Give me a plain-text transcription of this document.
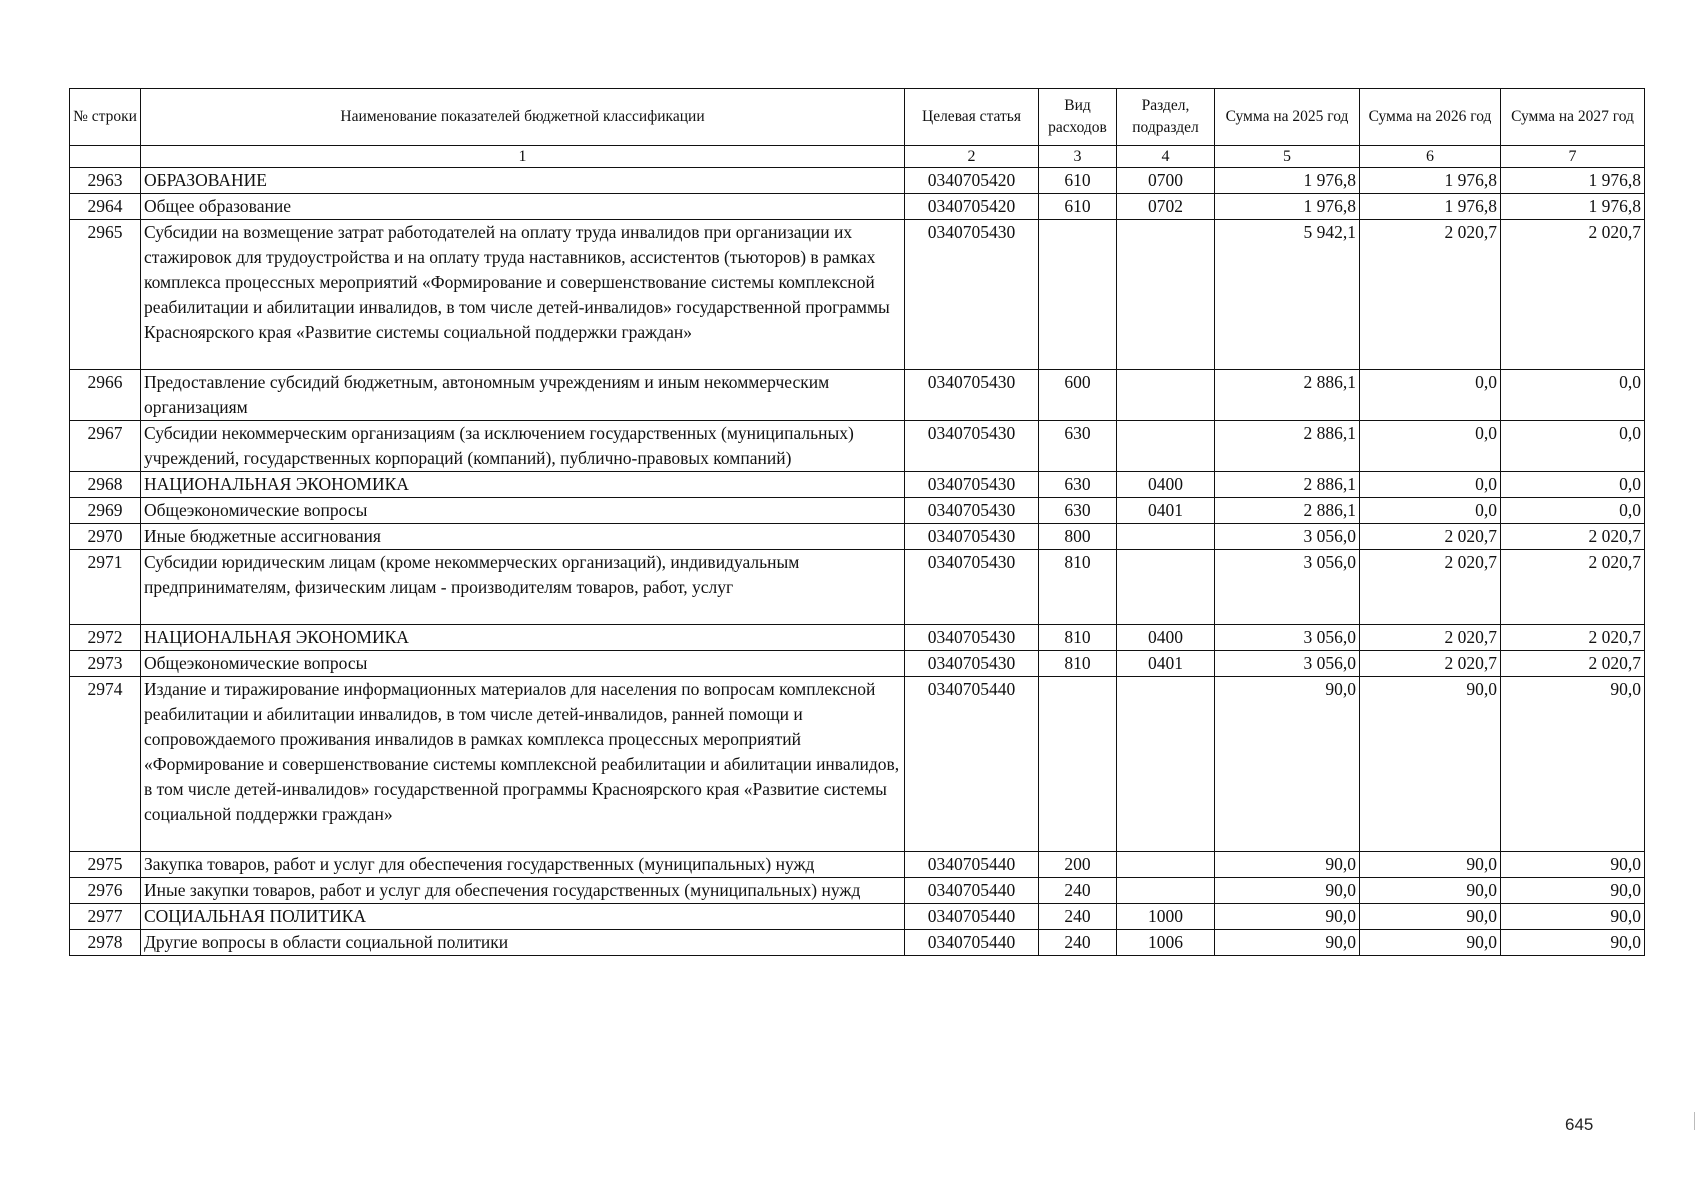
№ строки	Наименование показателей бюджетной классификации	Целевая статья	Вид расходов	Раздел, подраздел	Сумма на 2025 год	Сумма на 2026 год	Сумма на 2027 год
	1	2	3	4	5	6	7
2963	ОБРАЗОВАНИЕ	0340705420	610	0700	1 976,8	1 976,8	1 976,8
2964	Общее образование	0340705420	610	0702	1 976,8	1 976,8	1 976,8
2965	Субсидии на возмещение затрат работодателей на оплату труда инвалидов при организации их стажировок для трудоустройства и на оплату труда наставников, ассистентов (тьюторов) в рамках комплекса процессных мероприятий «Формирование и совершенствование системы комплексной реабилитации и абилитации инвалидов, в том числе детей-инвалидов» государственной программы Красноярского края «Развитие системы социальной поддержки граждан»	0340705430			5 942,1	2 020,7	2 020,7
2966	Предоставление субсидий бюджетным, автономным учреждениям и иным некоммерческим организациям	0340705430	600		2 886,1	0,0	0,0
2967	Субсидии некоммерческим организациям (за исключением государственных (муниципальных) учреждений, государственных корпораций (компаний), публично-правовых компаний)	0340705430	630		2 886,1	0,0	0,0
2968	НАЦИОНАЛЬНАЯ ЭКОНОМИКА	0340705430	630	0400	2 886,1	0,0	0,0
2969	Общеэкономические вопросы	0340705430	630	0401	2 886,1	0,0	0,0
2970	Иные бюджетные ассигнования	0340705430	800		3 056,0	2 020,7	2 020,7
2971	Субсидии юридическим лицам (кроме некоммерческих организаций), индивидуальным предпринимателям, физическим лицам - производителям товаров, работ, услуг	0340705430	810		3 056,0	2 020,7	2 020,7
2972	НАЦИОНАЛЬНАЯ ЭКОНОМИКА	0340705430	810	0400	3 056,0	2 020,7	2 020,7
2973	Общеэкономические вопросы	0340705430	810	0401	3 056,0	2 020,7	2 020,7
2974	Издание и тиражирование информационных материалов для населения по вопросам комплексной реабилитации и абилитации инвалидов, в том числе детей-инвалидов, ранней помощи и сопровождаемого проживания инвалидов в рамках комплекса процессных мероприятий «Формирование и совершенствование системы комплексной реабилитации и абилитации инвалидов, в том числе детей-инвалидов» государственной программы Красноярского края «Развитие системы социальной поддержки граждан»	0340705440			90,0	90,0	90,0
2975	Закупка товаров, работ и услуг для обеспечения государственных (муниципальных) нужд	0340705440	200		90,0	90,0	90,0
2976	Иные закупки товаров, работ и услуг для обеспечения государственных (муниципальных) нужд	0340705440	240		90,0	90,0	90,0
2977	СОЦИАЛЬНАЯ ПОЛИТИКА	0340705440	240	1000	90,0	90,0	90,0
2978	Другие вопросы в области социальной политики	0340705440	240	1006	90,0	90,0	90,0
645
